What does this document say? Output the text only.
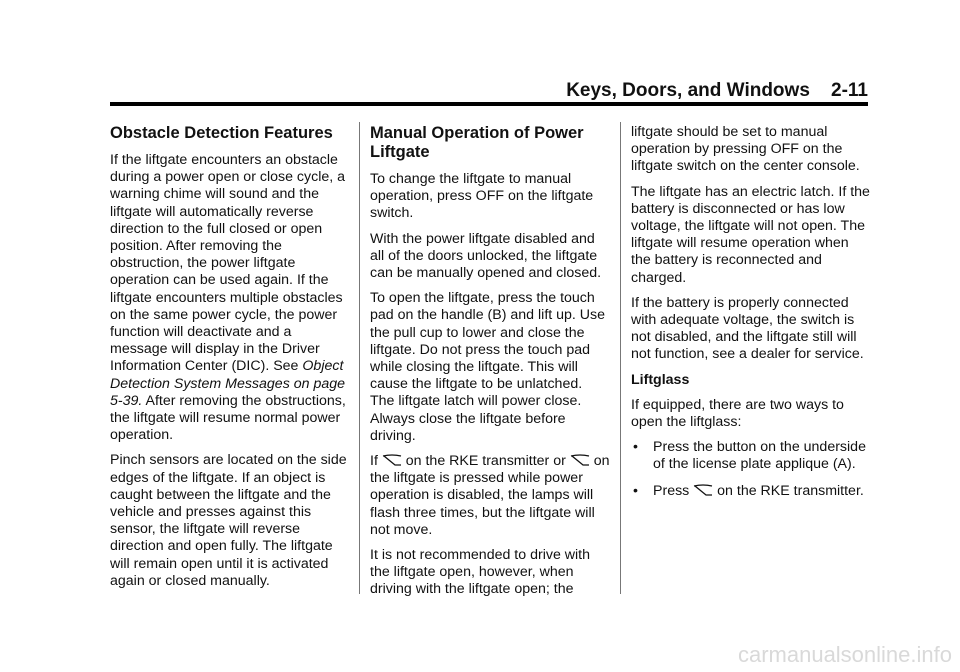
Keys, Doors, and Windows 2-11
Obstacle Detection Features

If the liftgate encounters an obstacle during a power open or close cycle, a warning chime will sound and the liftgate will automatically reverse direction to the full closed or open position. After removing the obstruction, the power liftgate operation can be used again. If the liftgate encounters multiple obstacles on the same power cycle, the power function will deactivate and a message will display in the Driver Information Center (DIC). See Object Detection System Messages on page 5-39. After removing the obstructions, the liftgate will resume normal power operation.

Pinch sensors are located on the side edges of the liftgate. If an object is caught between the liftgate and the vehicle and presses against this sensor, the liftgate will reverse direction and open fully. The liftgate will remain open until it is activated again or closed manually.

Manual Operation of Power Liftgate

To change the liftgate to manual operation, press OFF on the liftgate switch.

With the power liftgate disabled and all of the doors unlocked, the liftgate can be manually opened and closed.

To open the liftgate, press the touch pad on the handle (B) and lift up. Use the pull cup to lower and close the liftgate. Do not press the touch pad while closing the liftgate. This will cause the liftgate to be unlatched. The liftgate latch will power close. Always close the liftgate before driving.

If  on the RKE transmitter or  on the liftgate is pressed while power operation is disabled, the lamps will flash three times, but the liftgate will not move.

It is not recommended to drive with the liftgate open, however, when driving with the liftgate open; the

liftgate should be set to manual operation by pressing OFF on the liftgate switch on the center console.

The liftgate has an electric latch. If the battery is disconnected or has low voltage, the liftgate will not open. The liftgate will resume operation when the battery is reconnected and charged.

If the battery is properly connected with adequate voltage, the switch is not disabled, and the liftgate still will not function, see a dealer for service.

Liftglass

If equipped, there are two ways to open the liftglass:

• Press the button on the underside of the license plate applique (A).
• Press  on the RKE transmitter.
carmanualsonline.info
